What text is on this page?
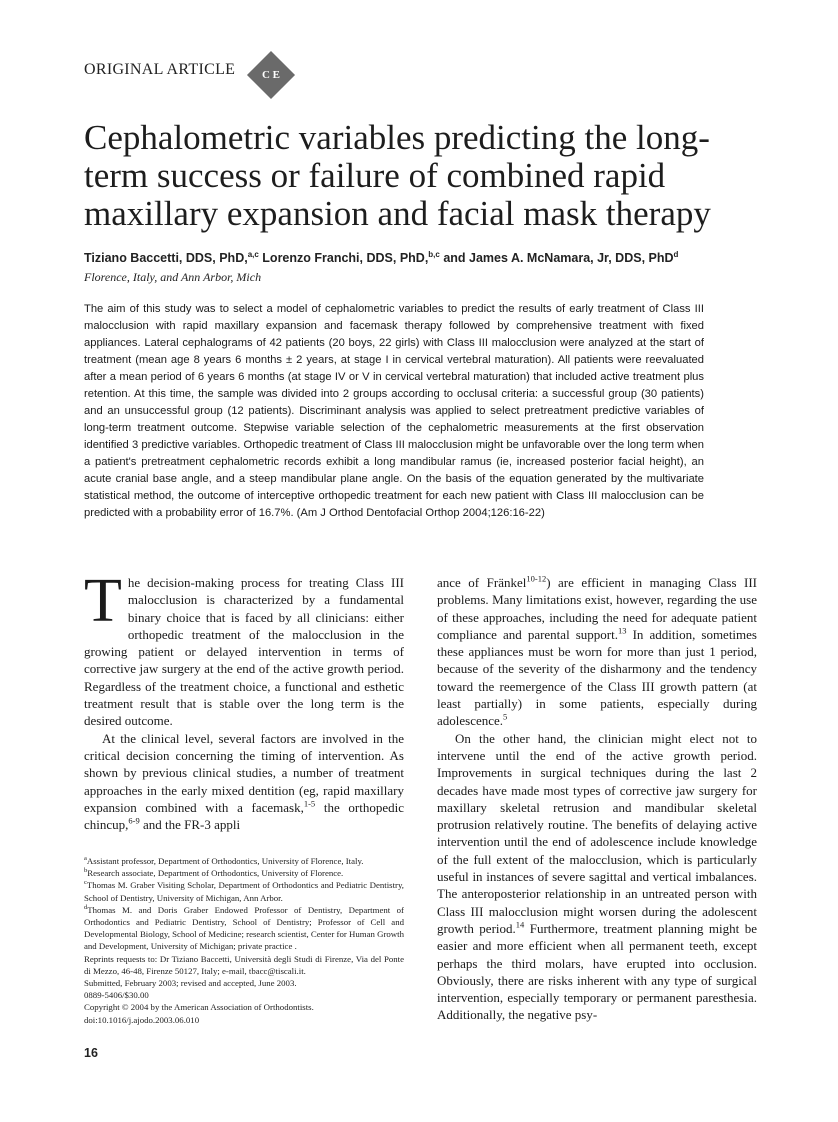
ORIGINAL ARTICLE C E
Cephalometric variables predicting the long-term success or failure of combined rapid maxillary expansion and facial mask therapy
Tiziano Baccetti, DDS, PhD,$^{a,c}$ Lorenzo Franchi, DDS, PhD,$^{b,c}$ and James A. McNamara, Jr, DDS, PhD$^d$
Florence, Italy, and Ann Arbor, Mich

The aim of this study was to select a model of cephalometric variables to predict the results of early treatment of Class III malocclusion with rapid maxillary expansion and facemask therapy followed by comprehensive treatment with fixed appliances. Lateral cephalograms of 42 patients (20 boys, 22 girls) with Class III malocclusion were analyzed at the start of treatment (mean age 8 years 6 months ± 2 years, at stage I in cervical vertebral maturation). All patients were reevaluated after a mean period of 6 years 6 months (at stage IV or V in cervical vertebral maturation) that included active treatment plus retention. At this time, the sample was divided into 2 groups according to occlusal criteria: a successful group (30 patients) and an unsuccessful group (12 patients). Discriminant analysis was applied to select pretreatment predictive variables of long-term treatment outcome. Stepwise variable selection of the cephalometric measurements at the first observation identified 3 predictive variables. Orthopedic treatment of Class III malocclusion might be unfavorable over the long term when a patient's pretreatment cephalometric records exhibit a long mandibular ramus (ie, increased posterior facial height), an acute cranial base angle, and a steep mandibular plane angle. On the basis of the equation generated by the multivariate statistical method, the outcome of interceptive orthopedic treatment for each new patient with Class III malocclusion can be predicted with a probability error of 16.7%. (Am J Orthod Dentofacial Orthop 2004;126:16-22)

The decision-making process for treating Class III malocclusion is characterized by a fundamental binary choice that is faced by all clinicians: either orthopedic treatment of the malocclusion in the growing patient or delayed intervention in terms of corrective jaw surgery at the end of the active growth period. Regardless of the treatment choice, a functional and esthetic treatment result that is stable over the long term is the desired outcome.

At the clinical level, several factors are involved in the critical decision concerning the timing of intervention. As shown by previous clinical studies, a number of treatment approaches in the early mixed dentition (eg, rapid maxillary expansion combined with a facemask,$^{1-5}$ the orthopedic chincup,$^{6-9}$ and the FR-3 appli

ance of Fränkel$^{10-12}$) are efficient in managing Class III problems. Many limitations exist, however, regarding the use of these approaches, including the need for adequate patient compliance and parental support.$^{13}$ In addition, sometimes these appliances must be worn for more than just 1 period, because of the severity of the disharmony and the tendency toward the reemergence of the Class III growth pattern (at least partially) in some patients, especially during adolescence.$^5$

On the other hand, the clinician might elect not to intervene until the end of the active growth period. Improvements in surgical techniques during the last 2 decades have made most types of corrective jaw surgery for maxillary skeletal retrusion and mandibular skeletal protrusion relatively routine. The benefits of delaying active intervention until the end of adolescence include knowledge of the full extent of the malocclusion, which is particularly useful in instances of severe sagittal and vertical imbalances. The anteroposterior relationship in an untreated person with Class III malocclusion might worsen during the adolescent growth period.$^{14}$ Furthermore, treatment planning might be easier and more efficient when all permanent teeth, except perhaps the third molars, have erupted into occlusion. Obviously, there are risks inherent with any type of surgical intervention, especially temporary or permanent paresthesia. Additionally, the negative psy-

$^a$Assistant professor, Department of Orthodontics, University of Florence, Italy.
$^b$Research associate, Department of Orthodontics, University of Florence.
$^c$Thomas M. Graber Visiting Scholar, Department of Orthodontics and Pediatric Dentistry, School of Dentistry, University of Michigan, Ann Arbor.
$^d$Thomas M. and Doris Graber Endowed Professor of Dentistry, Department of Orthodontics and Pediatric Dentistry, School of Dentistry; Professor of Cell and Developmental Biology, School of Medicine; research scientist, Center for Human Growth and Development, University of Michigan; private practice .
Reprints requests to: Dr Tiziano Baccetti, Università degli Studi di Firenze, Via del Ponte di Mezzo, 46-48, Firenze 50127, Italy; e-mail, tbacc@tiscali.it.
Submitted, February 2003; revised and accepted, June 2003.
0889-5406/$30.00
Copyright © 2004 by the American Association of Orthodontists.
doi:10.1016/j.ajodo.2003.06.010
16
